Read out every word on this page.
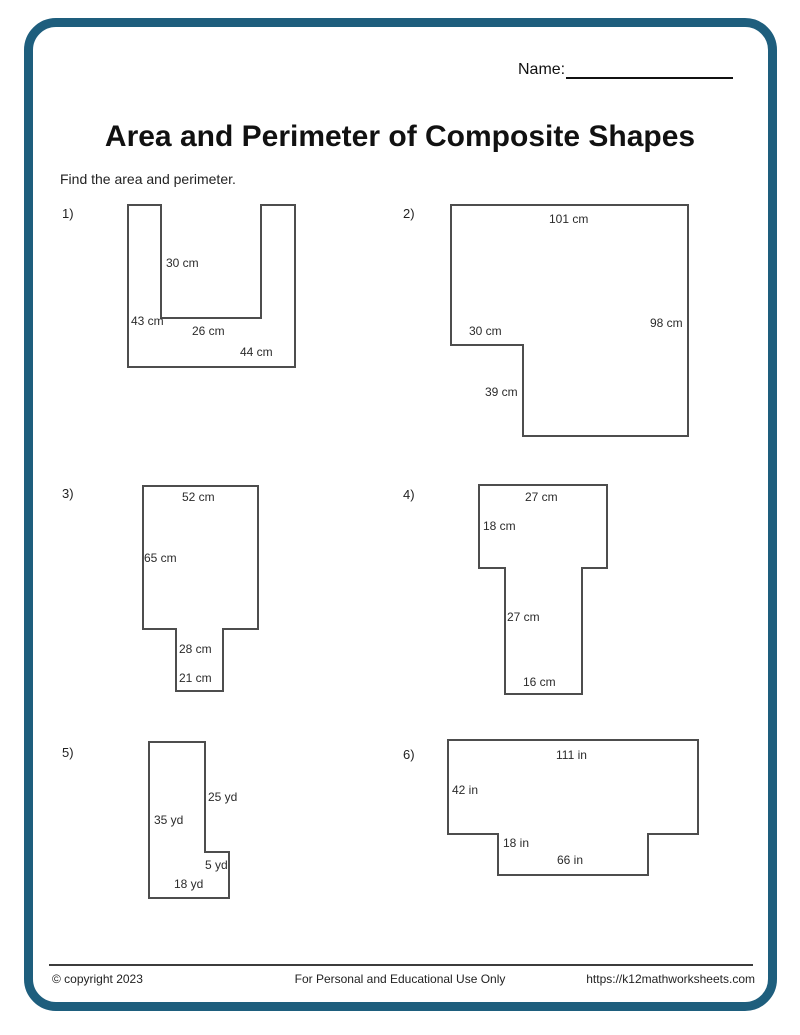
Name:
Area and Perimeter of Composite Shapes
Find the area and perimeter.
1)
30 cm
43 cm
26 cm
44 cm
2)	101 cm
98 cm
30 cm
39 cm
3)	52 cm
65 cm
28 cm
21 cm
4)	27 cm
18 cm
27 cm
16 cm
5)
25 yd
35 yd
5 yd
18 yd
6)	111 in
42 in
18 in
66 in
© copyright 2023	For Personal and Educational Use Only	https://k12mathworksheets.com
